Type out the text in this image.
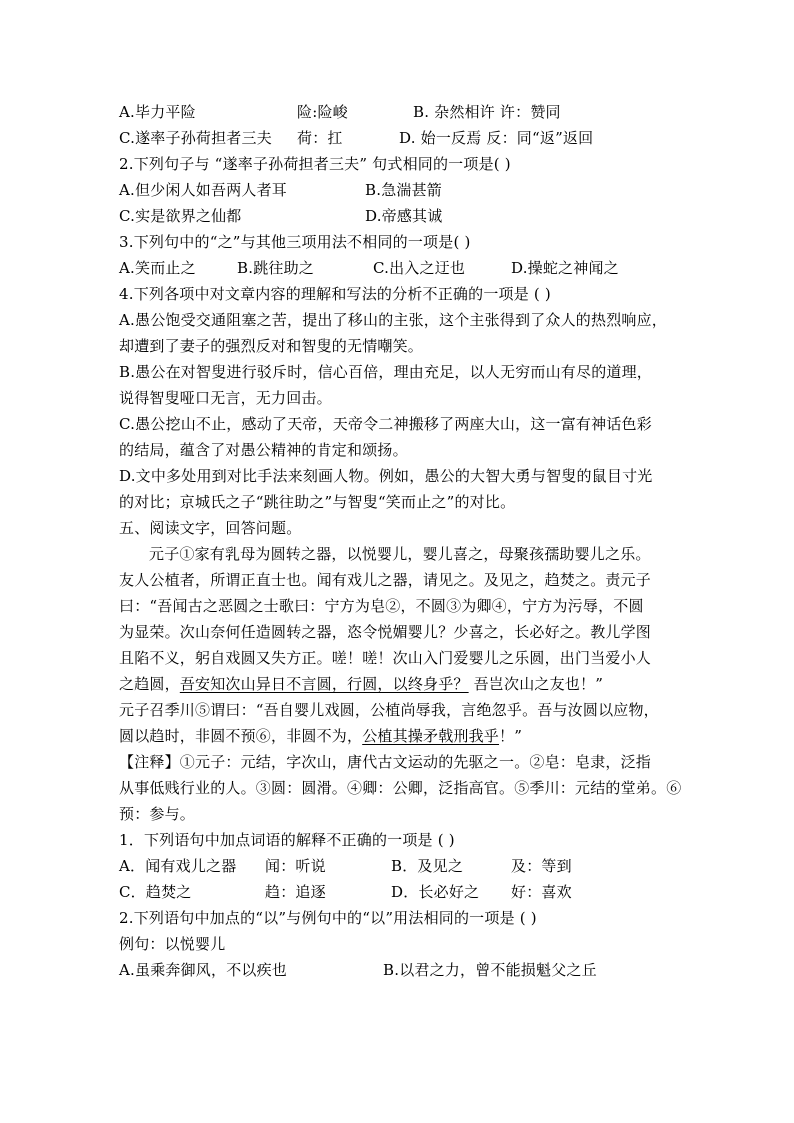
A.毕力平险	险:险峻	B. 杂然相许 许：赞同
C.遂率子孙荷担者三夫 荷：扛	D. 始一反焉 反：同“返”返回
2.下列句子与 “遂率子孙荷担者三夫” 句式相同的一项是( )
A.但少闲人如吾两人者耳	B.急湍甚箭
C.实是欲界之仙都	D.帝感其诚
3.下列句中的“之”与其他三项用法不相同的一项是( )
A.笑而止之	B.跳往助之	C.出入之迂也	D.操蛇之神闻之
4.下列各项中对文章内容的理解和写法的分析不正确的一项是 ( )
A.愚公饱受交通阻塞之苦，提出了移山的主张，这个主张得到了众人的热烈响应，
却遭到了妻子的强烈反对和智叟的无情嘲笑。
B.愚公在对智叟进行驳斥时，信心百倍，理由充足，以人无穷而山有尽的道理，
说得智叟哑口无言，无力回击。
C.愚公挖山不止，感动了天帝，天帝令二神搬移了两座大山，这一富有神话色彩
的结局，蕴含了对愚公精神的肯定和颂扬。
D.文中多处用到对比手法来刻画人物。例如，愚公的大智大勇与智叟的鼠目寸光
的对比；京城氏之子“跳往助之”与智叟“笑而止之”的对比。
五、阅读文字，回答问题。
元子①家有乳母为圆转之器，以悦婴儿，婴儿喜之，母聚孩孺助婴儿之乐。
友人公植者，所谓正直士也。闻有戏儿之器，请见之。及见之，趋焚之。责元子
曰：“吾闻古之恶圆之士歌曰：宁方为皂②，不圆③为卿④，宁方为污辱，不圆
为显荣。次山奈何任造圆转之器，恣令悦媚婴儿？少喜之，长必好之。教儿学图
且陷不义，躬自戏圆又失方正。嗟！嗟！次山入门爱婴儿之乐圆，出门当爱小人
之趋圆，吾安知次山异日不言圆，行圆，以终身乎？ 吾岂次山之友也！”
元子召季川⑤谓曰：“吾自婴儿戏圆，公植尚辱我，言绝忽乎。吾与汝圆以应物，
圆以趋时，非圆不预⑥，非圆不为，公植其操矛戟刑我乎！”
【注释】①元子：元结，字次山，唐代古文运动的先驱之一。②皂：皂隶，泛指
从事低贱行业的人。③圆：圆滑。④卿：公卿，泛指高官。⑤季川：元结的堂弟。⑥
预：参与。
1．下列语句中加点词语的解释不正确的一项是 ( )
A．闻有戏儿之器 闻：听说	B．及见之	及：等到
C．趋焚之	趋：追逐	D．长必好之 好：喜欢
2.下列语句中加点的“以”与例句中的“以”用法相同的一项是 ( )
例句：以悦婴儿
A.虽乘奔御风，不以疾也	B.以君之力，曾不能损魁父之丘
